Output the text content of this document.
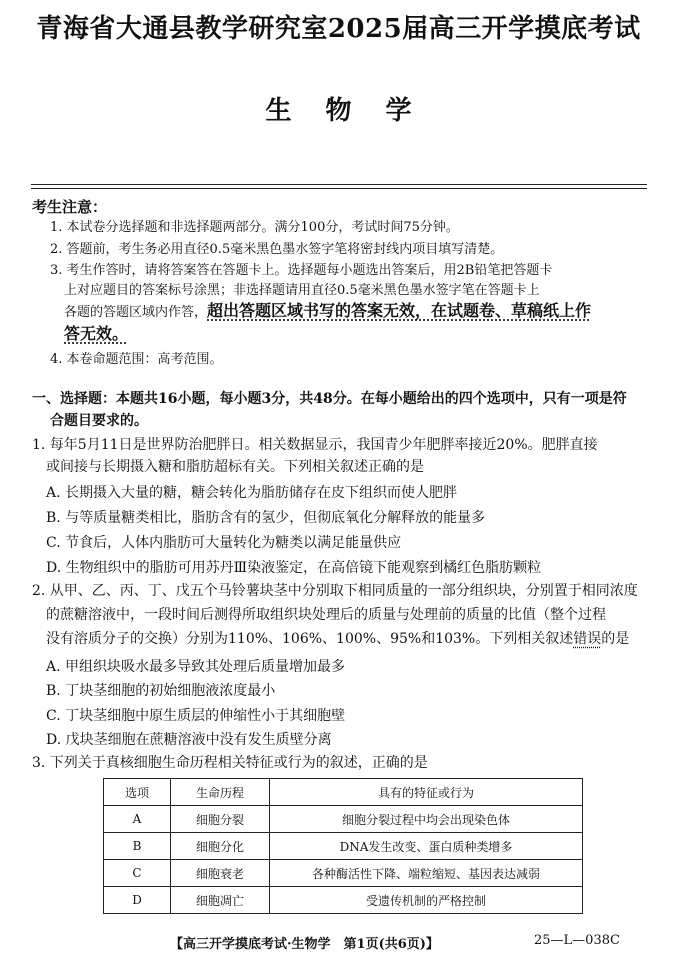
青海省大通县教学研究室2025届高三开学摸底考试
生物学
考生注意：
1. 本试卷分选择题和非选择题两部分。满分100分，考试时间75分钟。
2. 答题前，考生务必用直径0.5毫米黑色墨水签字笔将密封线内项目填写清楚。
3. 考生作答时，请将答案答在答题卡上。选择题每小题选出答案后，用2B铅笔把答题卡
上对应题目的答案标号涂黑；非选择题请用直径0.5毫米黑色墨水签字笔在答题卡上
各题的答题区域内作答，超出答题区域书写的答案无效，在试题卷、草稿纸上作
答无效。
4. 本卷命题范围：高考范围。
一、选择题：本题共16小题，每小题3分，共48分。在每小题给出的四个选项中，只有一项是符
合题目要求的。
1. 每年5月11日是世界防治肥胖日。相关数据显示，我国青少年肥胖率接近20%。肥胖直接
或间接与长期摄入糖和脂肪超标有关。下列相关叙述正确的是
A. 长期摄入大量的糖，糖会转化为脂肪储存在皮下组织而使人肥胖
B. 与等质量糖类相比，脂肪含有的氢少，但彻底氧化分解释放的能量多
C. 节食后，人体内脂肪可大量转化为糖类以满足能量供应
D. 生物组织中的脂肪可用苏丹Ⅲ染液鉴定，在高倍镜下能观察到橘红色脂肪颗粒
2. 从甲、乙、丙、丁、戊五个马铃薯块茎中分别取下相同质量的一部分组织块，分别置于相同浓度
的蔗糖溶液中，一段时间后测得所取组织块处理后的质量与处理前的质量的比值（整个过程
没有溶质分子的交换）分别为110%、106%、100%、95%和103%。下列相关叙述错误的是
A. 甲组织块吸水最多导致其处理后质量增加最多
B. 丁块茎细胞的初始细胞液浓度最小
C. 丁块茎细胞中原生质层的伸缩性小于其细胞壁
D. 戊块茎细胞在蔗糖溶液中没有发生质壁分离
3. 下列关于真核细胞生命历程相关特征或行为的叙述，正确的是
选项	生命历程	具有的特征或行为
A	细胞分裂	细胞分裂过程中均会出现染色体
B	细胞分化	DNA发生改变、蛋白质种类增多
C	细胞衰老	各种酶活性下降、端粒缩短、基因表达减弱
D	细胞凋亡	受遗传机制的严格控制
【高三开学摸底考试·生物学　第1页(共6页)】	25—L—038C
